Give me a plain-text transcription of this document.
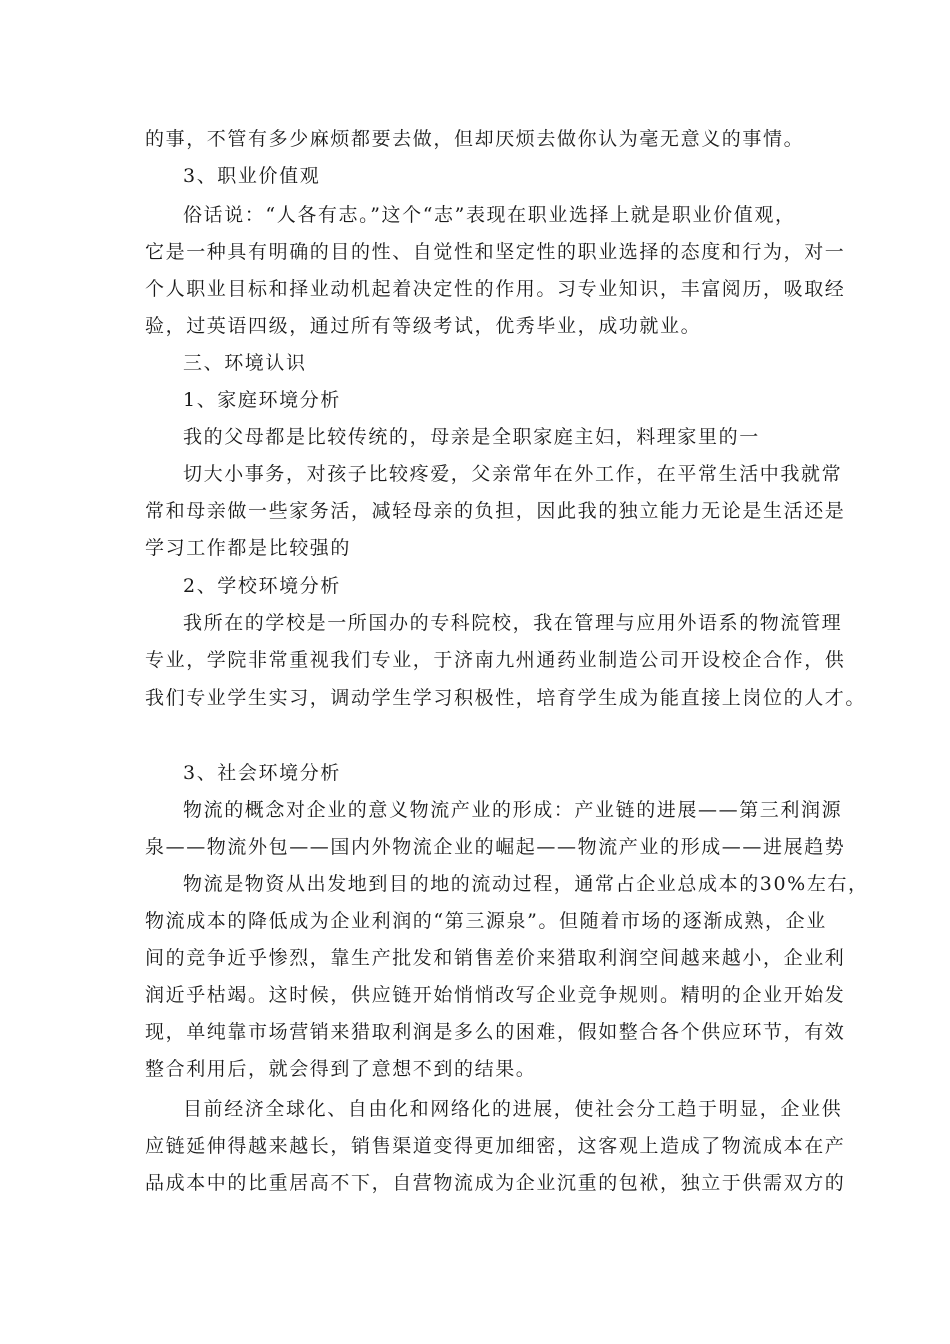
的事，不管有多少麻烦都要去做，但却厌烦去做你认为毫无意义的事情。

3、职业价值观

俗话说：“人各有志。”这个“志”表现在职业选择上就是职业价值观，

它是一种具有明确的目的性、自觉性和坚定性的职业选择的态度和行为，对一

个人职业目标和择业动机起着决定性的作用。习专业知识，丰富阅历，吸取经

验，过英语四级，通过所有等级考试，优秀毕业，成功就业。

三、环境认识

1、家庭环境分析

我的父母都是比较传统的，母亲是全职家庭主妇，料理家里的一

切大小事务，对孩子比较疼爱，父亲常年在外工作，在平常生活中我就常

常和母亲做一些家务活，减轻母亲的负担，因此我的独立能力无论是生活还是

学习工作都是比较强的

2、学校环境分析

我所在的学校是一所国办的专科院校，我在管理与应用外语系的物流管理

专业，学院非常重视我们专业，于济南九州通药业制造公司开设校企合作，供

我们专业学生实习，调动学生学习积极性，培育学生成为能直接上岗位的人才。

3、社会环境分析

物流的概念对企业的意义物流产业的形成：产业链的进展——第三利润源

泉——物流外包——国内外物流企业的崛起——物流产业的形成——进展趋势

物流是物资从出发地到目的地的流动过程，通常占企业总成本的30%左右，

物流成本的降低成为企业利润的“第三源泉”。但随着市场的逐渐成熟，企业

间的竞争近乎惨烈，靠生产批发和销售差价来猎取利润空间越来越小，企业利

润近乎枯竭。这时候，供应链开始悄悄改写企业竞争规则。精明的企业开始发

现，单纯靠市场营销来猎取利润是多么的困难，假如整合各个供应环节，有效

整合利用后，就会得到了意想不到的结果。

目前经济全球化、自由化和网络化的进展，使社会分工趋于明显，企业供

应链延伸得越来越长，销售渠道变得更加细密，这客观上造成了物流成本在产

品成本中的比重居高不下，自营物流成为企业沉重的包袱，独立于供需双方的
